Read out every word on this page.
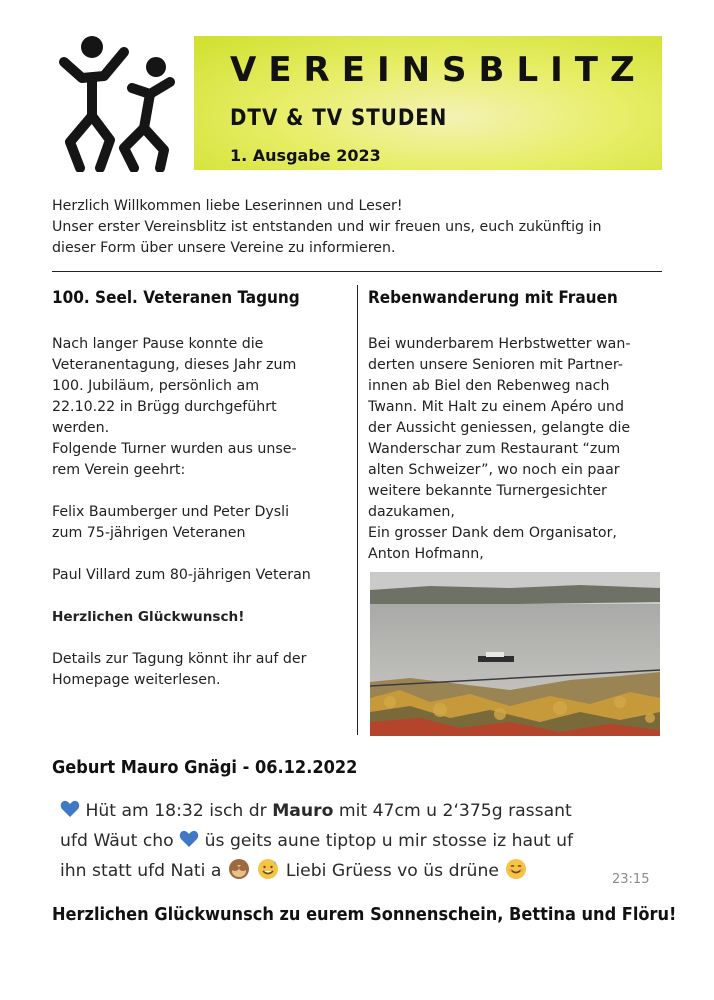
VEREINSBLITZ
DTV & TV STUDEN
1. Ausgabe 2023

Herzlich Willkommen liebe Leserinnen und Leser!

Unser erster Vereinsblitz ist entstanden und wir freuen uns, euch zukünftig in

dieser Form über unsere Vereine zu informieren.

100. Seel. Veteranen Tagung

Nach langer Pause konnte die

Veteranentagung, dieses Jahr zum

100. Jubiläum, persönlich am

22.10.22 in Brügg durchgeführt

werden.

Folgende Turner wurden aus unse-

rem Verein geehrt:

Felix Baumberger und Peter Dysli

zum 75-jährigen Veteranen

Paul Villard zum 80-jährigen Veteran

Herzlichen Glückwunsch!

Details zur Tagung könnt ihr auf der

Homepage weiterlesen.

Rebenwanderung mit Frauen

Bei wunderbarem Herbstwetter wan-

derten unsere Senioren mit Partner-

innen ab Biel den Rebenweg nach

Twann. Mit Halt zu einem Apéro und

der Aussicht geniessen, gelangte die

Wanderschar zum Restaurant “zum

alten Schweizer”, wo noch ein paar

weitere bekannte Turnergesichter

dazukamen,

Ein grosser Dank dem Organisator,

Anton Hofmann,

Geburt Mauro Gnägi - 06.12.2022
Hüt am 18:32 isch dr Mauro mit 47cm u 2‘375g rassant
ufd Wäut cho  üs geits aune tiptop u mir stosse iz haut uf
ihn statt ufd Nati a	Liebi Grüess vo üs drüne	23:15
Herzlichen Glückwunsch zu eurem Sonnenschein, Bettina und Flöru!
